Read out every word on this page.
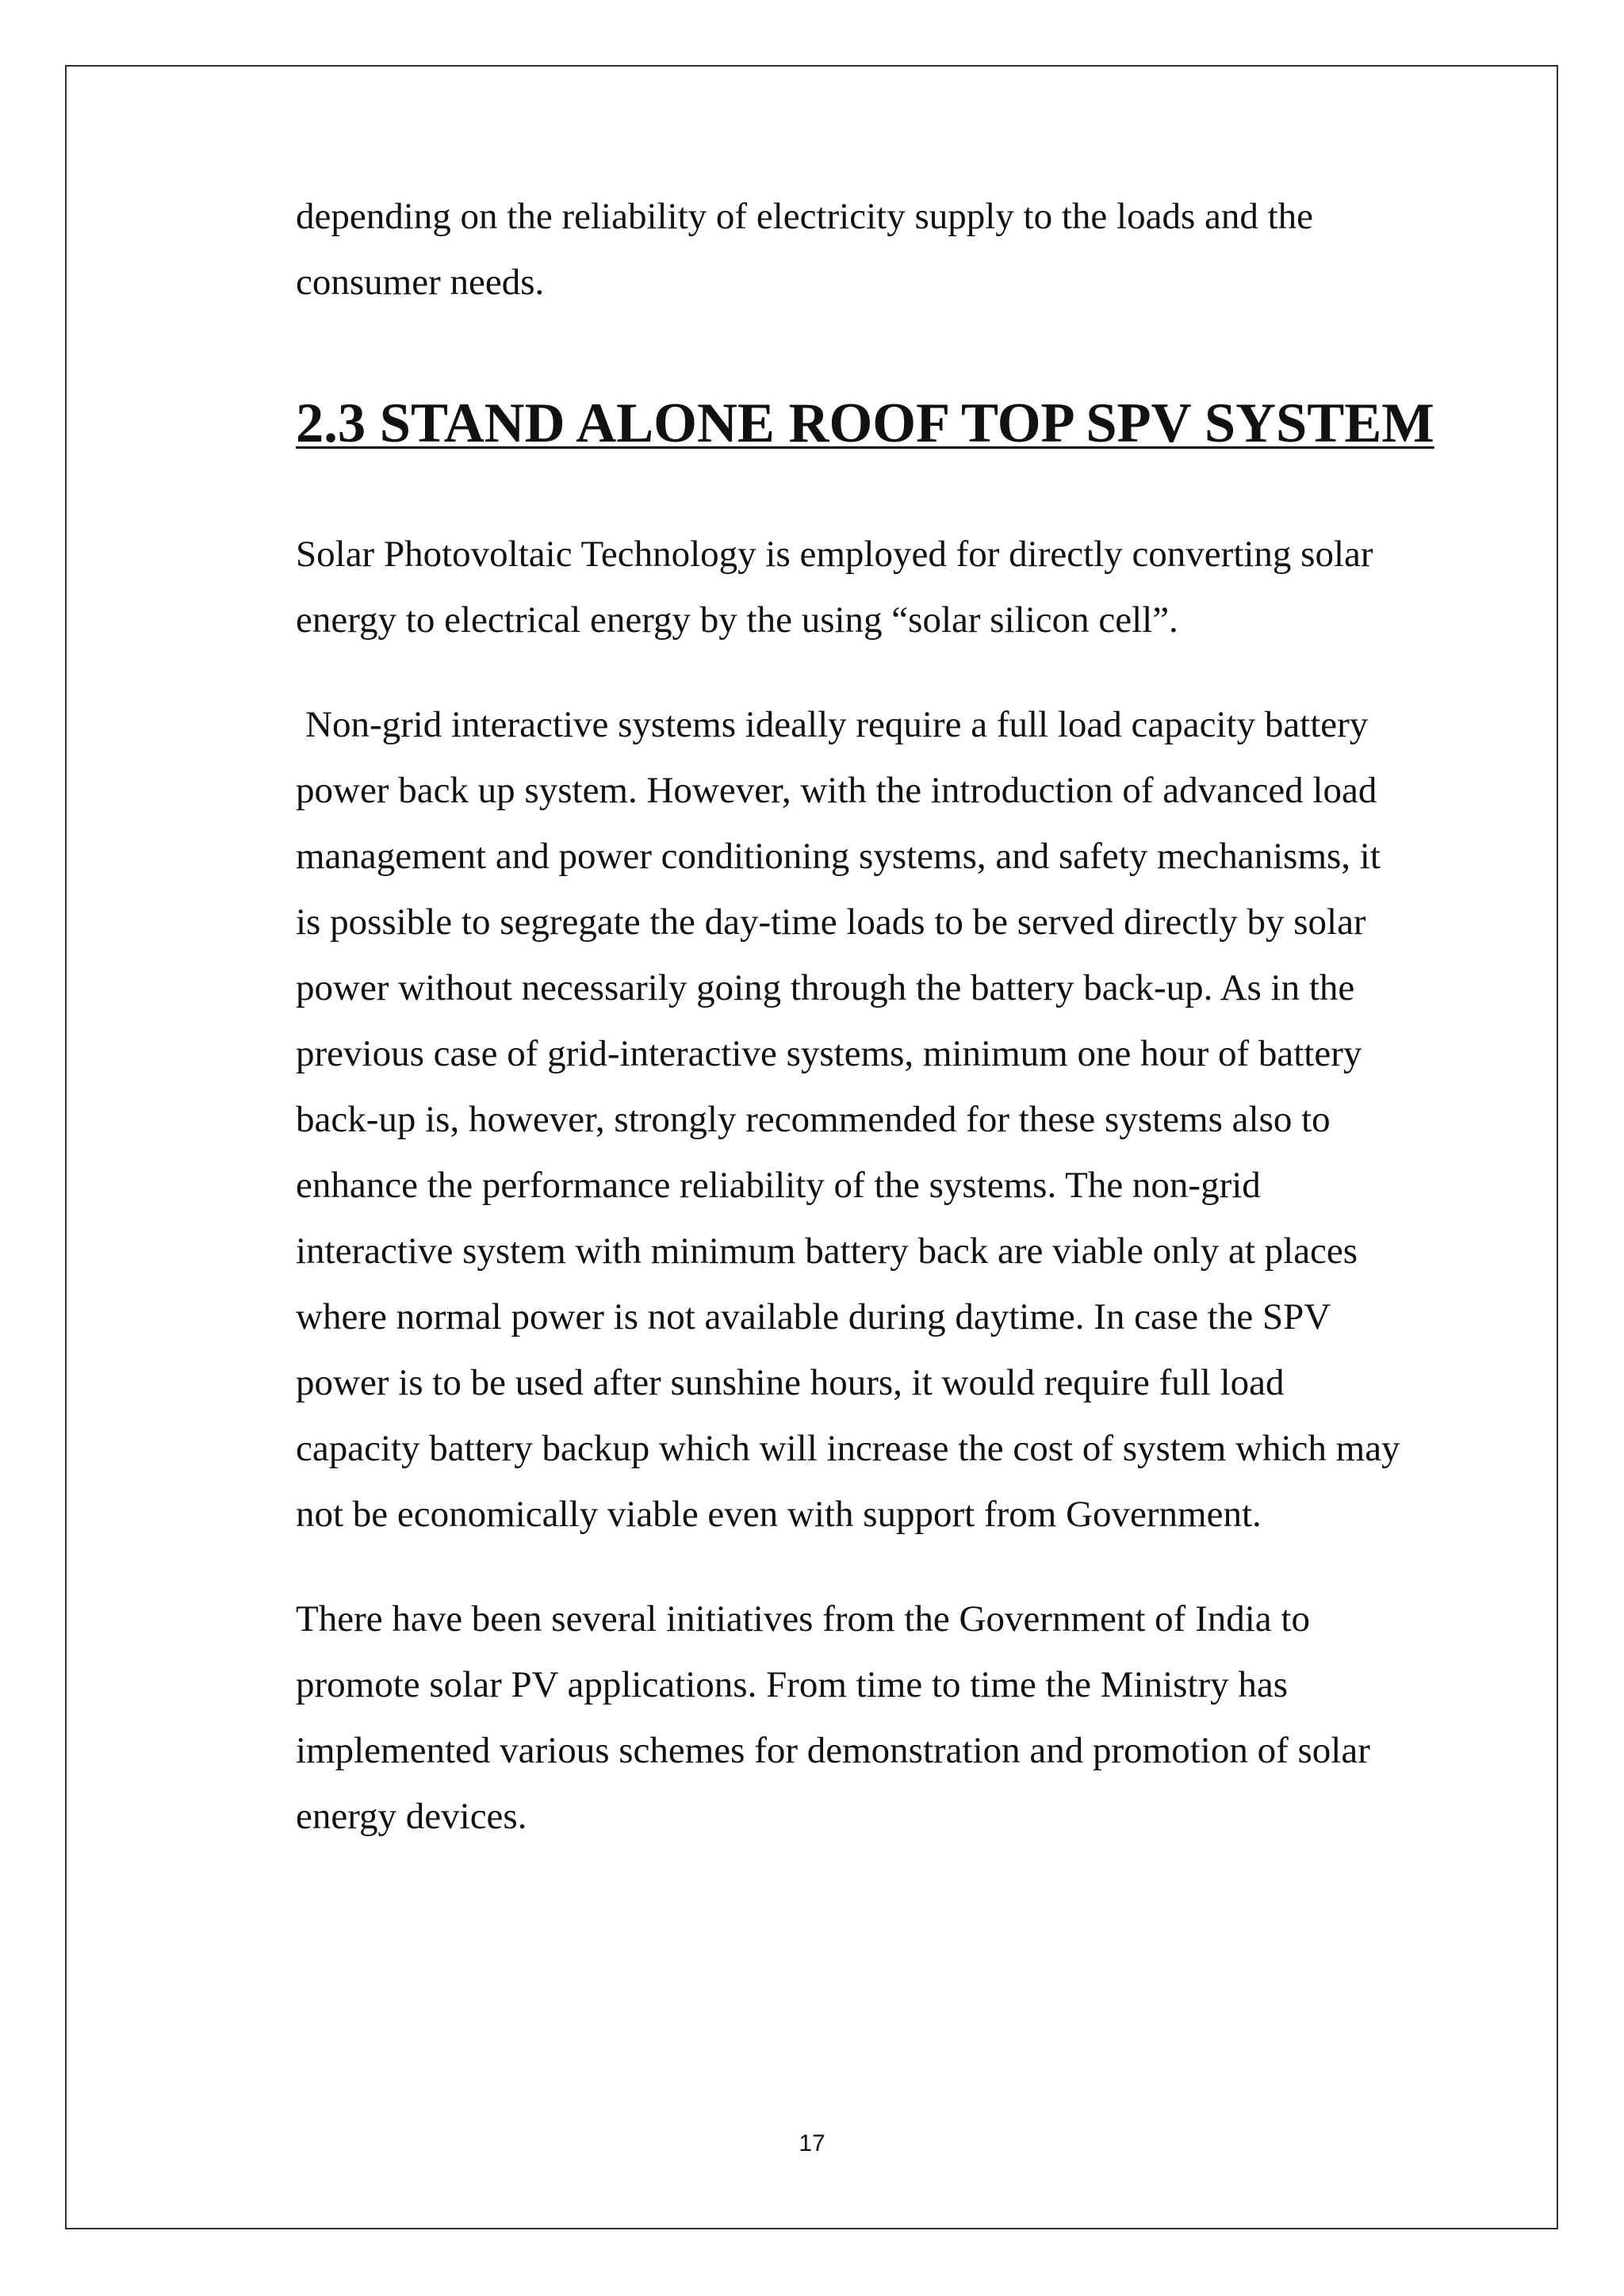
depending on the reliability of electricity supply to the loads and the
consumer needs.

2.3 STAND ALONE ROOF TOP SPV SYSTEM

Solar Photovoltaic Technology is employed for directly converting solar
energy to electrical energy by the using “solar silicon cell”.

Non-grid interactive systems ideally require a full load capacity battery
power back up system. However, with the introduction of advanced load
management and power conditioning systems, and safety mechanisms, it
is possible to segregate the day-time loads to be served directly by solar
power without necessarily going through the battery back-up. As in the
previous case of grid-interactive systems, minimum one hour of battery
back-up is, however, strongly recommended for these systems also to
enhance the performance reliability of the systems. The non-grid
interactive system with minimum battery back are viable only at places
where normal power is not available during daytime. In case the SPV
power is to be used after sunshine hours, it would require full load
capacity battery backup which will increase the cost of system which may
not be economically viable even with support from Government.

There have been several initiatives from the Government of India to
promote solar PV applications. From time to time the Ministry has
implemented various schemes for demonstration and promotion of solar
energy devices.

17
